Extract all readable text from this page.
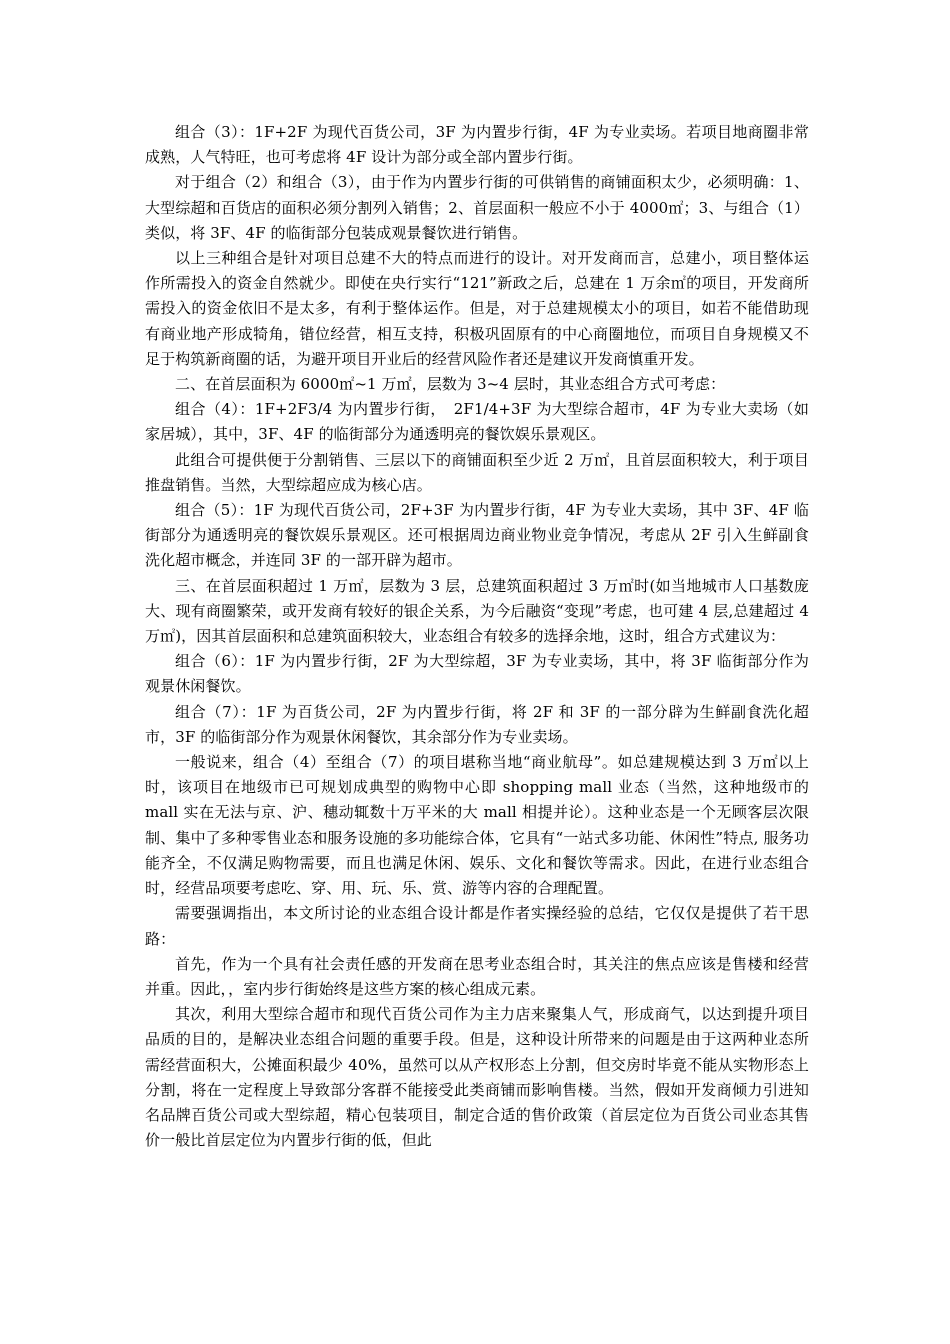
组合（3）：1F+2F 为现代百货公司，3F 为内置步行街，4F 为专业卖场。若项目地商圈非常成熟，人气特旺，也可考虑将 4F 设计为部分或全部内置步行街。

对于组合（2）和组合（3），由于作为内置步行街的可供销售的商铺面积太少，必须明确：1、大型综超和百货店的面积必须分割列入销售；2、首层面积一般应不小于 4000㎡；3、与组合（1）类似，将 3F、4F 的临街部分包装成观景餐饮进行销售。

以上三种组合是针对项目总建不大的特点而进行的设计。对开发商而言，总建小，项目整体运作所需投入的资金自然就少。即使在央行实行“121”新政之后，总建在 1 万余㎡的项目，开发商所需投入的资金依旧不是太多，有利于整体运作。但是，对于总建规模太小的项目，如若不能借助现有商业地产形成犄角，错位经营，相互支持，积极巩固原有的中心商圈地位，而项目自身规模又不足于构筑新商圈的话，为避开项目开业后的经营风险作者还是建议开发商慎重开发。

二、在首层面积为 6000㎡~1 万㎡，层数为 3~4 层时，其业态组合方式可考虑：

组合（4）：1F+2F3/4 为内置步行街，　2F1/4+3F 为大型综合超市，4F 为专业大卖场（如家居城），其中，3F、4F 的临街部分为通透明亮的餐饮娱乐景观区。

此组合可提供便于分割销售、三层以下的商铺面积至少近 2 万㎡，且首层面积较大，利于项目推盘销售。当然，大型综超应成为核心店。

组合（5）：1F 为现代百货公司，2F+3F 为内置步行街，4F 为专业大卖场，其中 3F、4F 临街部分为通透明亮的餐饮娱乐景观区。还可根据周边商业物业竞争情况，考虑从 2F 引入生鲜副食洗化超市概念，并连同 3F 的一部开辟为超市。

三、在首层面积超过 1 万㎡，层数为 3 层，总建筑面积超过 3 万㎡时(如当地城市人口基数庞大、现有商圈繁荣，或开发商有较好的银企关系，为今后融资“变现”考虑，也可建 4 层,总建超过 4 万㎡)，因其首层面积和总建筑面积较大，业态组合有较多的选择余地，这时，组合方式建议为：

组合（6）：1F 为内置步行街，2F 为大型综超，3F 为专业卖场，其中，将 3F 临街部分作为观景休闲餐饮。

组合（7）：1F 为百货公司，2F 为内置步行街，将 2F 和 3F 的一部分辟为生鲜副食洗化超市，3F 的临街部分作为观景休闲餐饮，其余部分作为专业卖场。

一般说来，组合（4）至组合（7）的项目堪称当地“商业航母”。如总建规模达到 3 万㎡以上时，该项目在地级市已可规划成典型的购物中心即 shopping mall 业态（当然，这种地级市的 mall 实在无法与京、沪、穗动辄数十万平米的大 mall 相提并论）。这种业态是一个无顾客层次限制、集中了多种零售业态和服务设施的多功能综合体，它具有“一站式多功能、休闲性”特点, 服务功能齐全，不仅满足购物需要，而且也满足休闲、娱乐、文化和餐饮等需求。因此，在进行业态组合时，经营品项要考虑吃、穿、用、玩、乐、赏、游等内容的合理配置。

需要强调指出，本文所讨论的业态组合设计都是作者实操经验的总结，它仅仅是提供了若干思路：

首先，作为一个具有社会责任感的开发商在思考业态组合时，其关注的焦点应该是售楼和经营并重。因此，，室内步行街始终是这些方案的核心组成元素。

其次，利用大型综合超市和现代百货公司作为主力店来聚集人气，形成商气，以达到提升项目品质的目的，是解决业态组合问题的重要手段。但是，这种设计所带来的问题是由于这两种业态所需经营面积大，公摊面积最少 40%，虽然可以从产权形态上分割，但交房时毕竟不能从实物形态上分割，将在一定程度上导致部分客群不能接受此类商铺而影响售楼。当然，假如开发商倾力引进知名品牌百货公司或大型综超，精心包装项目，制定合适的售价政策（首层定位为百货公司业态其售价一般比首层定位为内置步行街的低，但此
